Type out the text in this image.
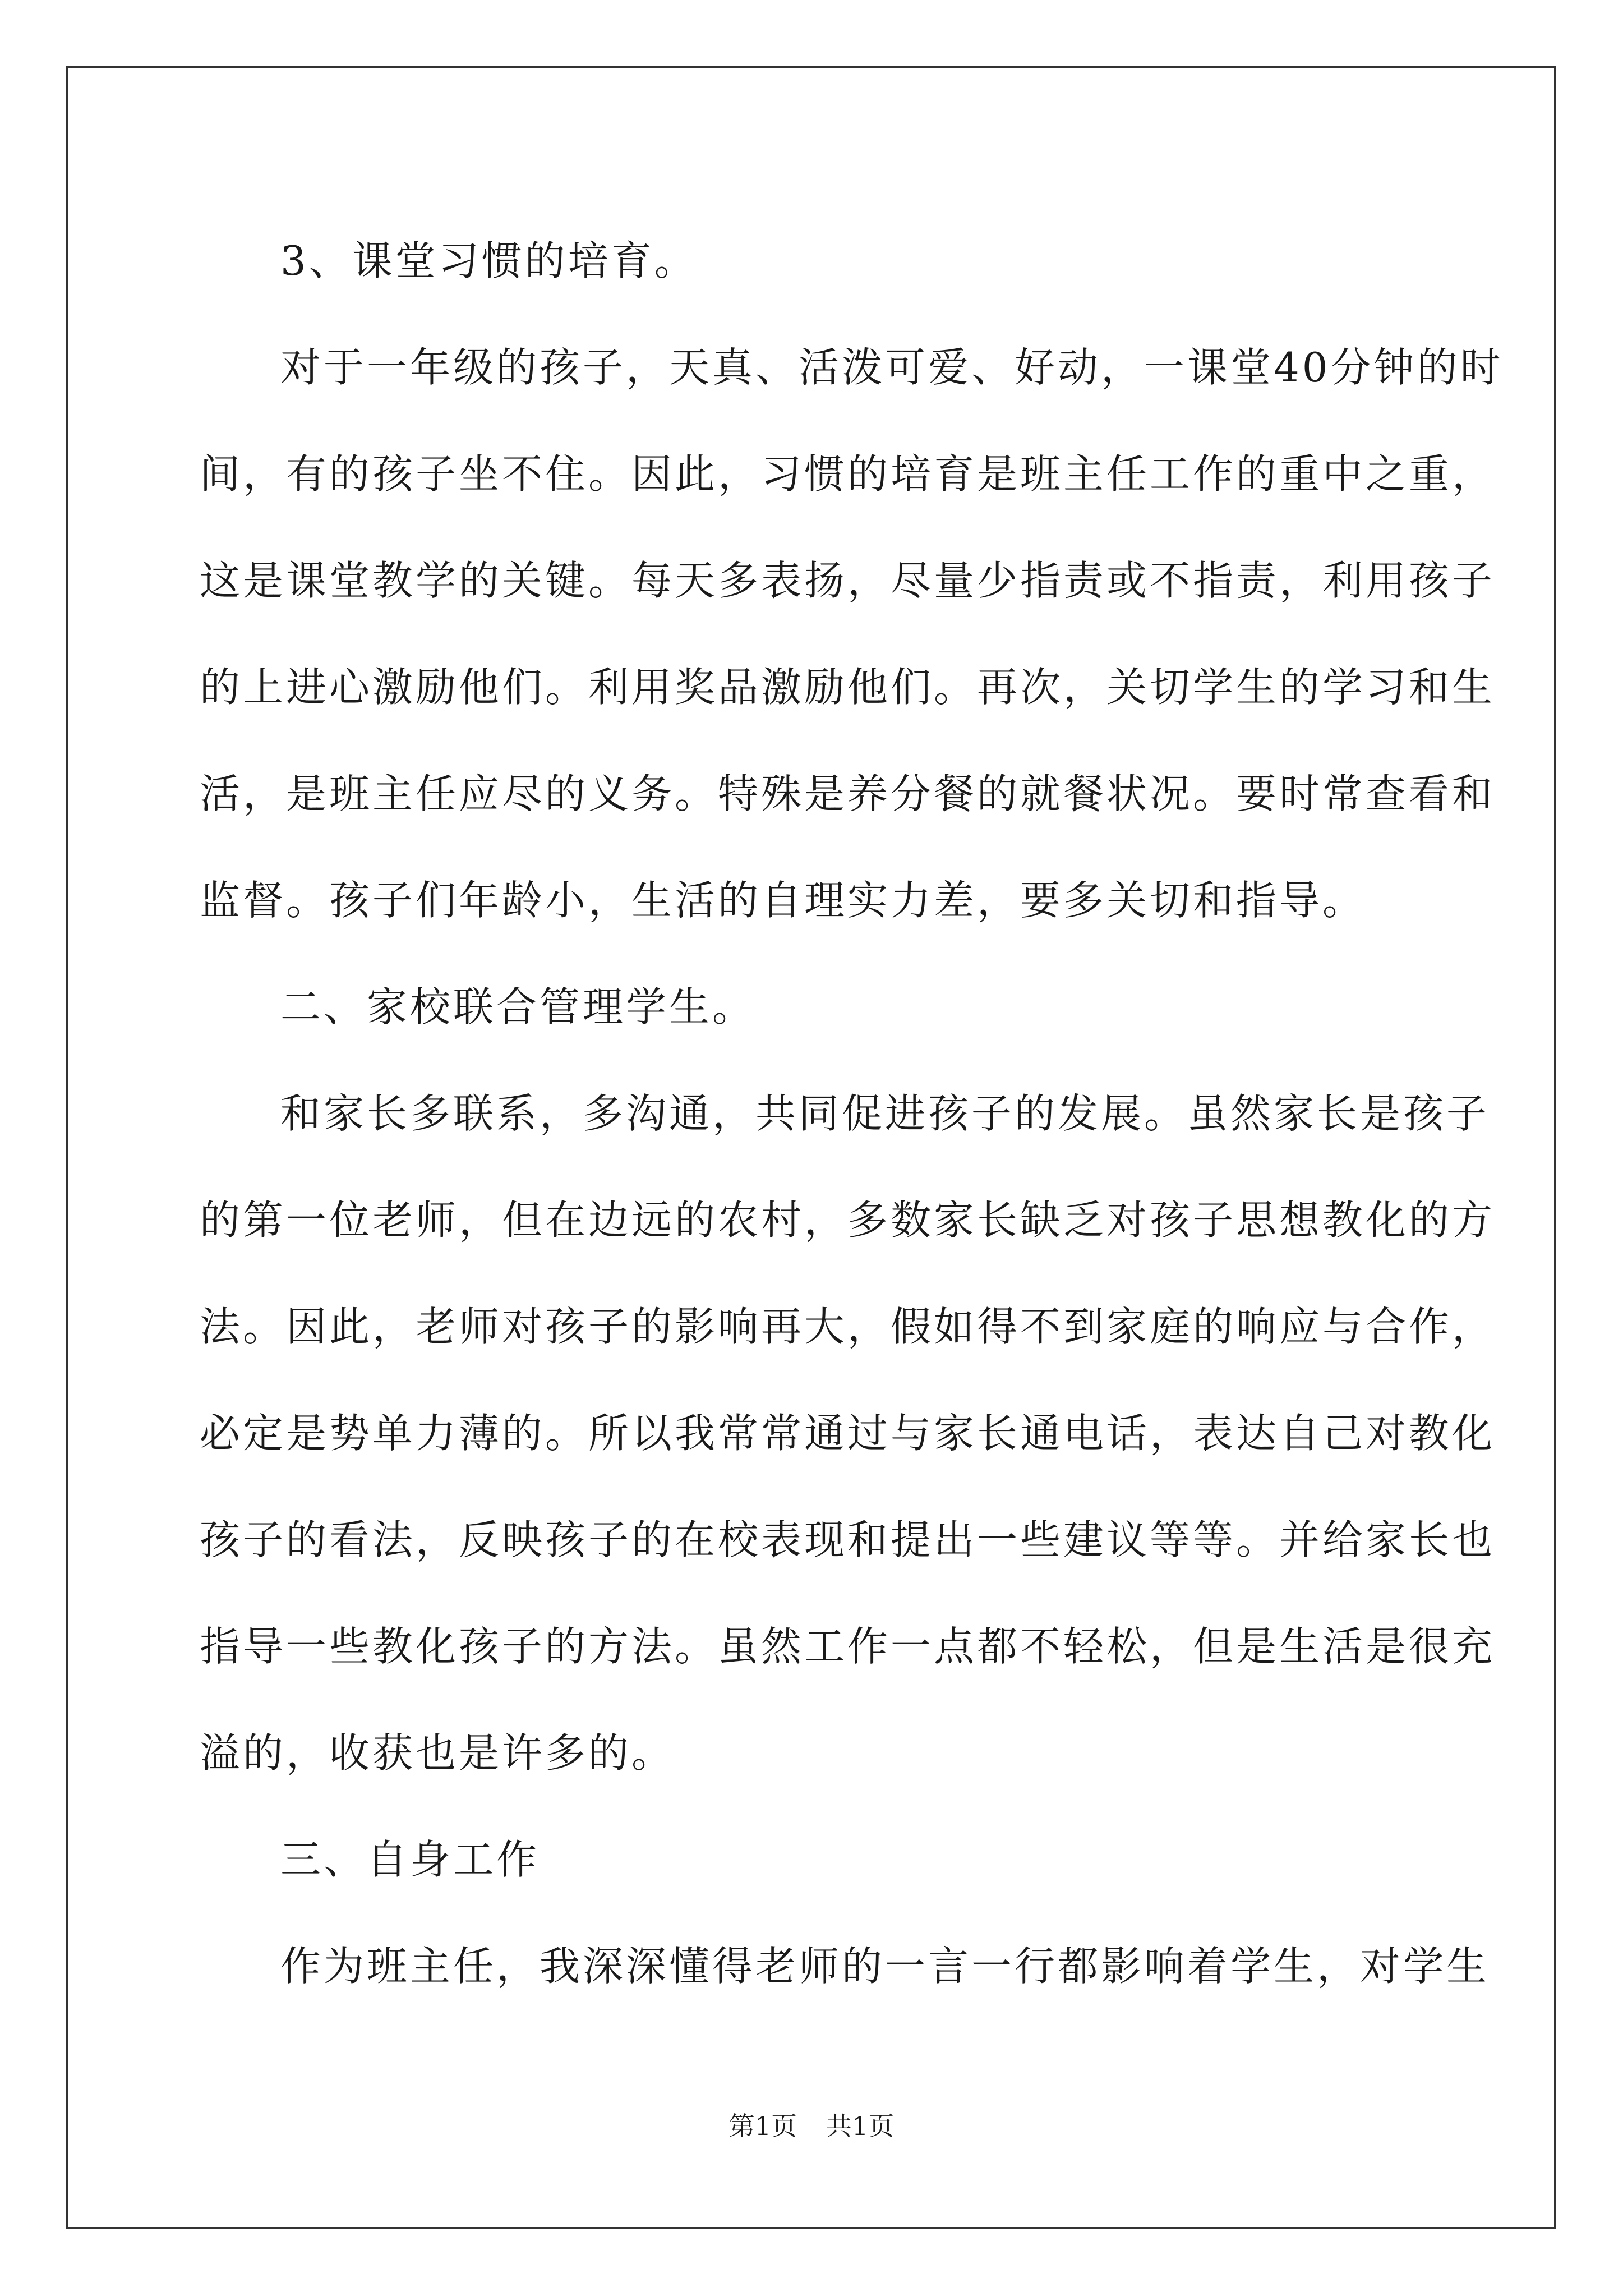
3、课堂习惯的培育。

对于一年级的孩子，天真、活泼可爱、好动，一课堂40分钟的时
间，有的孩子坐不住。因此，习惯的培育是班主任工作的重中之重，
这是课堂教学的关键。每天多表扬，尽量少指责或不指责，利用孩子
的上进心激励他们。利用奖品激励他们。再次，关切学生的学习和生
活，是班主任应尽的义务。特殊是养分餐的就餐状况。要时常查看和
监督。孩子们年龄小，生活的自理实力差，要多关切和指导。

二、家校联合管理学生。

和家长多联系，多沟通，共同促进孩子的发展。虽然家长是孩子
的第一位老师，但在边远的农村，多数家长缺乏对孩子思想教化的方
法。因此，老师对孩子的影响再大，假如得不到家庭的响应与合作，
必定是势单力薄的。所以我常常通过与家长通电话，表达自己对教化
孩子的看法，反映孩子的在校表现和提出一些建议等等。并给家长也
指导一些教化孩子的方法。虽然工作一点都不轻松，但是生活是很充
溢的，收获也是许多的。

三、自身工作

作为班主任，我深深懂得老师的一言一行都影响着学生，对学生

第1页 共1页
